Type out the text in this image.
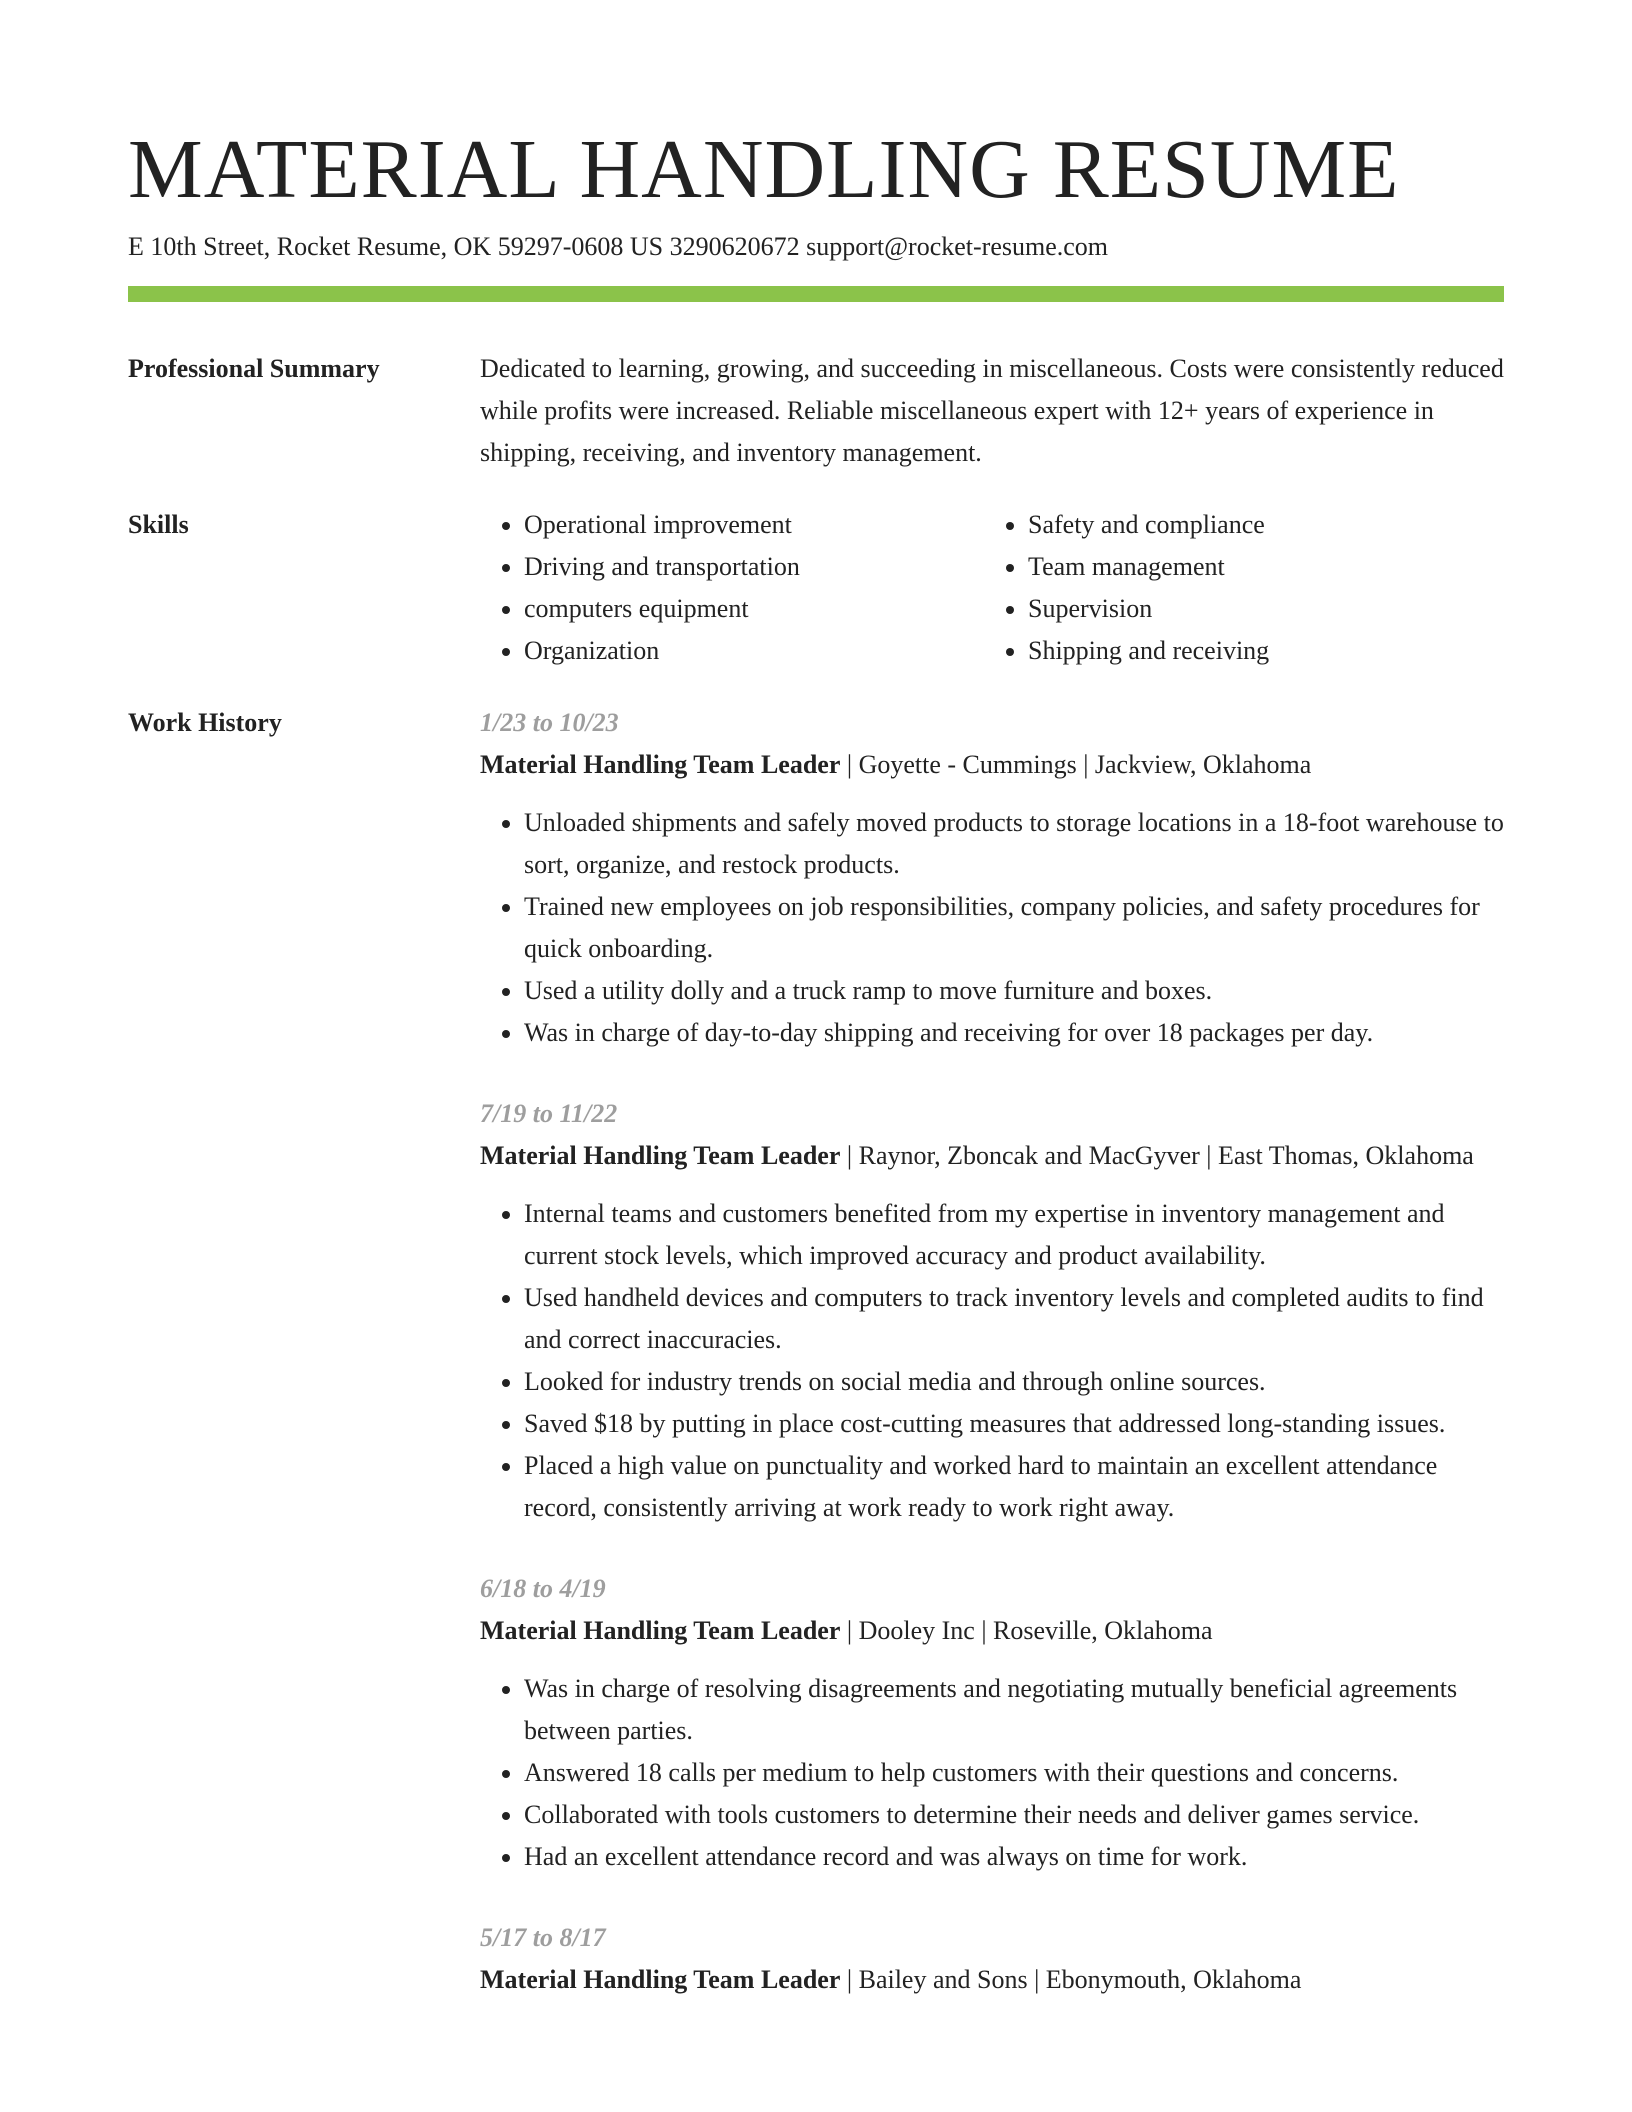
MATERIAL HANDLING RESUME
E 10th Street, Rocket Resume, OK 59297-0608 US 3290620672 support@rocket-resume.com
Professional Summary	Dedicated to learning, growing, and succeeding in miscellaneous. Costs were consistently reduced while profits were increased. Reliable miscellaneous expert with 12+ years of experience in shipping, receiving, and inventory management.

Skills
•	Operational improvement
• Driving and transportation
• computers equipment
• Organization
• Safety and compliance
• Team management
• Supervision
• Shipping and receiving
Work History	1/23 to 10/23
Material Handling Team Leader | Goyette - Cummings | Jackview, Oklahoma
• Unloaded shipments and safely moved products to storage locations in a 18-foot warehouse to sort, organize, and restock products.
• Trained new employees on job responsibilities, company policies, and safety procedures for quick onboarding.
• Used a utility dolly and a truck ramp to move furniture and boxes.
• Was in charge of day-to-day shipping and receiving for over 18 packages per day.
7/19 to 11/22
Material Handling Team Leader | Raynor, Zboncak and MacGyver | East Thomas, Oklahoma
• Internal teams and customers benefited from my expertise in inventory management and current stock levels, which improved accuracy and product availability.
• Used handheld devices and computers to track inventory levels and completed audits to find and correct inaccuracies.
• Looked for industry trends on social media and through online sources.
• Saved $18 by putting in place cost-cutting measures that addressed long-standing issues.
• Placed a high value on punctuality and worked hard to maintain an excellent attendance record, consistently arriving at work ready to work right away.
6/18 to 4/19
Material Handling Team Leader | Dooley Inc | Roseville, Oklahoma
• Was in charge of resolving disagreements and negotiating mutually beneficial agreements between parties.
• Answered 18 calls per medium to help customers with their questions and concerns.
• Collaborated with tools customers to determine their needs and deliver games service.
• Had an excellent attendance record and was always on time for work.
5/17 to 8/17
Material Handling Team Leader | Bailey and Sons | Ebonymouth, Oklahoma
